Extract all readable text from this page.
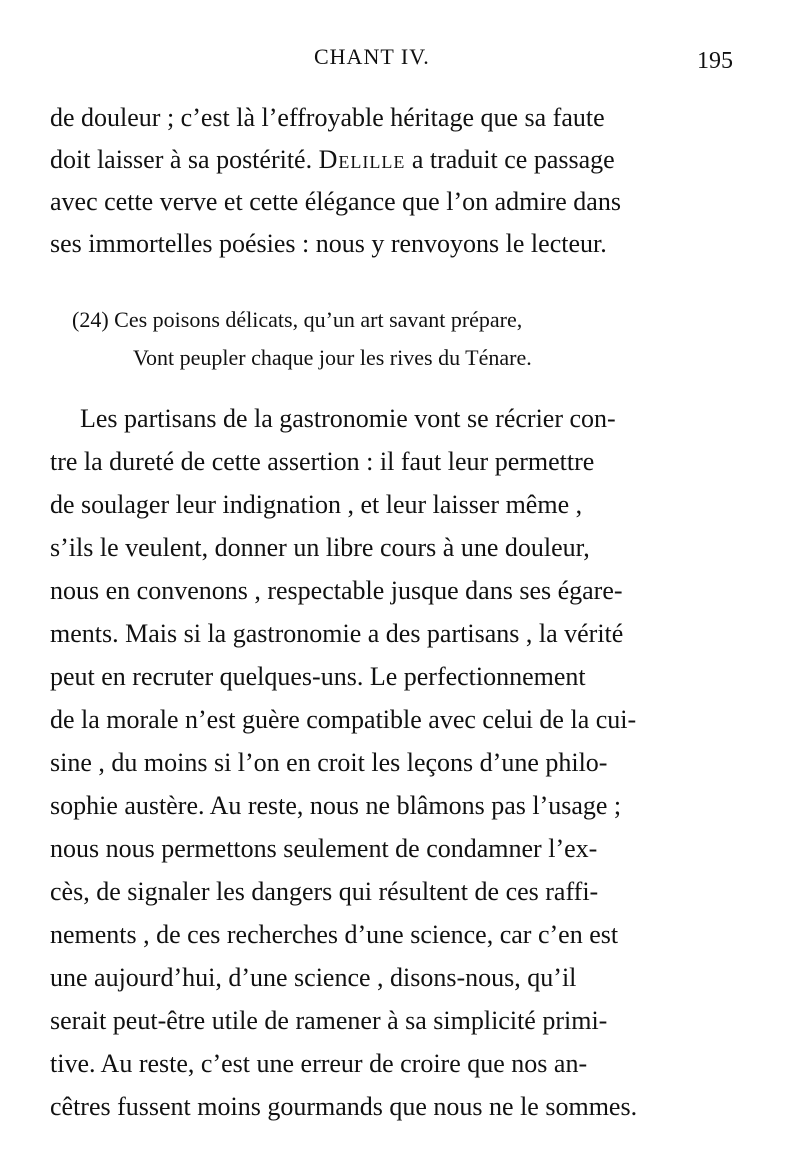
CHANT IV.	195
de douleur ; c’est là l’effroyable héritage que sa faute
doit laisser à sa postérité. Delille a traduit ce passage
avec cette verve et cette élégance que l’on admire dans
ses immortelles poésies : nous y renvoyons le lecteur.
(24) Ces poisons délicats, qu’un art savant prépare,
Vont peupler chaque jour les rives du Ténare.
Les partisans de la gastronomie vont se récrier con-
tre la dureté de cette assertion : il faut leur permettre
de soulager leur indignation , et leur laisser même ,
s’ils le veulent, donner un libre cours à une douleur,
nous en convenons , respectable jusque dans ses égare-
ments. Mais si la gastronomie a des partisans , la vérité
peut en recruter quelques-uns. Le perfectionnement
de la morale n’est guère compatible avec celui de la cui-
sine , du moins si l’on en croit les leçons d’une philo-
sophie austère. Au reste, nous ne blâmons pas l’usage ;
nous nous permettons seulement de condamner l’ex-
cès, de signaler les dangers qui résultent de ces raffi-
nements , de ces recherches d’une science, car c’en est
une aujourd’hui, d’une science , disons-nous, qu’il
serait peut-être utile de ramener à sa simplicité primi-
tive. Au reste, c’est une erreur de croire que nos an-
cêtres fussent moins gourmands que nous ne le sommes.
